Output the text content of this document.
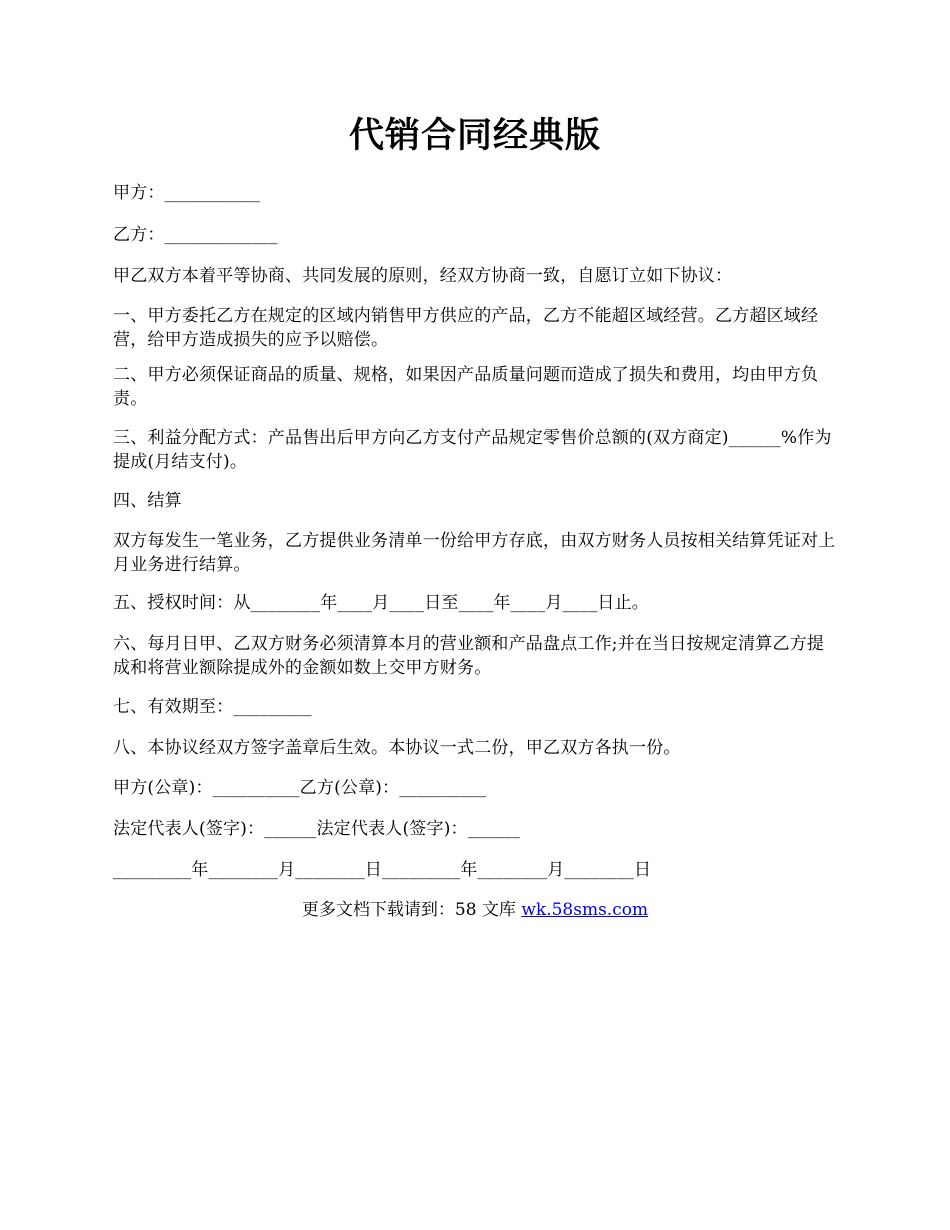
代销合同经典版
甲方：___________
乙方：_____________
甲乙双方本着平等协商、共同发展的原则，经双方协商一致，自愿订立如下协议：
一、甲方委托乙方在规定的区域内销售甲方供应的产品，乙方不能超区域经营。乙方超区域经营，给甲方造成损失的应予以赔偿。
二、甲方必须保证商品的质量、规格，如果因产品质量问题而造成了损失和费用，均由甲方负责。
三、利益分配方式：产品售出后甲方向乙方支付产品规定零售价总额的(双方商定)______%作为提成(月结支付)。
四、结算
双方每发生一笔业务，乙方提供业务清单一份给甲方存底，由双方财务人员按相关结算凭证对上月业务进行结算。
五、授权时间：从________年____月____日至____年____月____日止。
六、每月日甲、乙双方财务必须清算本月的营业额和产品盘点工作;并在当日按规定清算乙方提成和将营业额除提成外的金额如数上交甲方财务。
七、有效期至：_________
八、本协议经双方签字盖章后生效。本协议一式二份，甲乙双方各执一份。
甲方(公章)：__________乙方(公章)：__________
法定代表人(签字)：______法定代表人(签字)：______
_________年________月________日_________年________月________日
更多文档下载请到：58 文库 wk.58sms.com
